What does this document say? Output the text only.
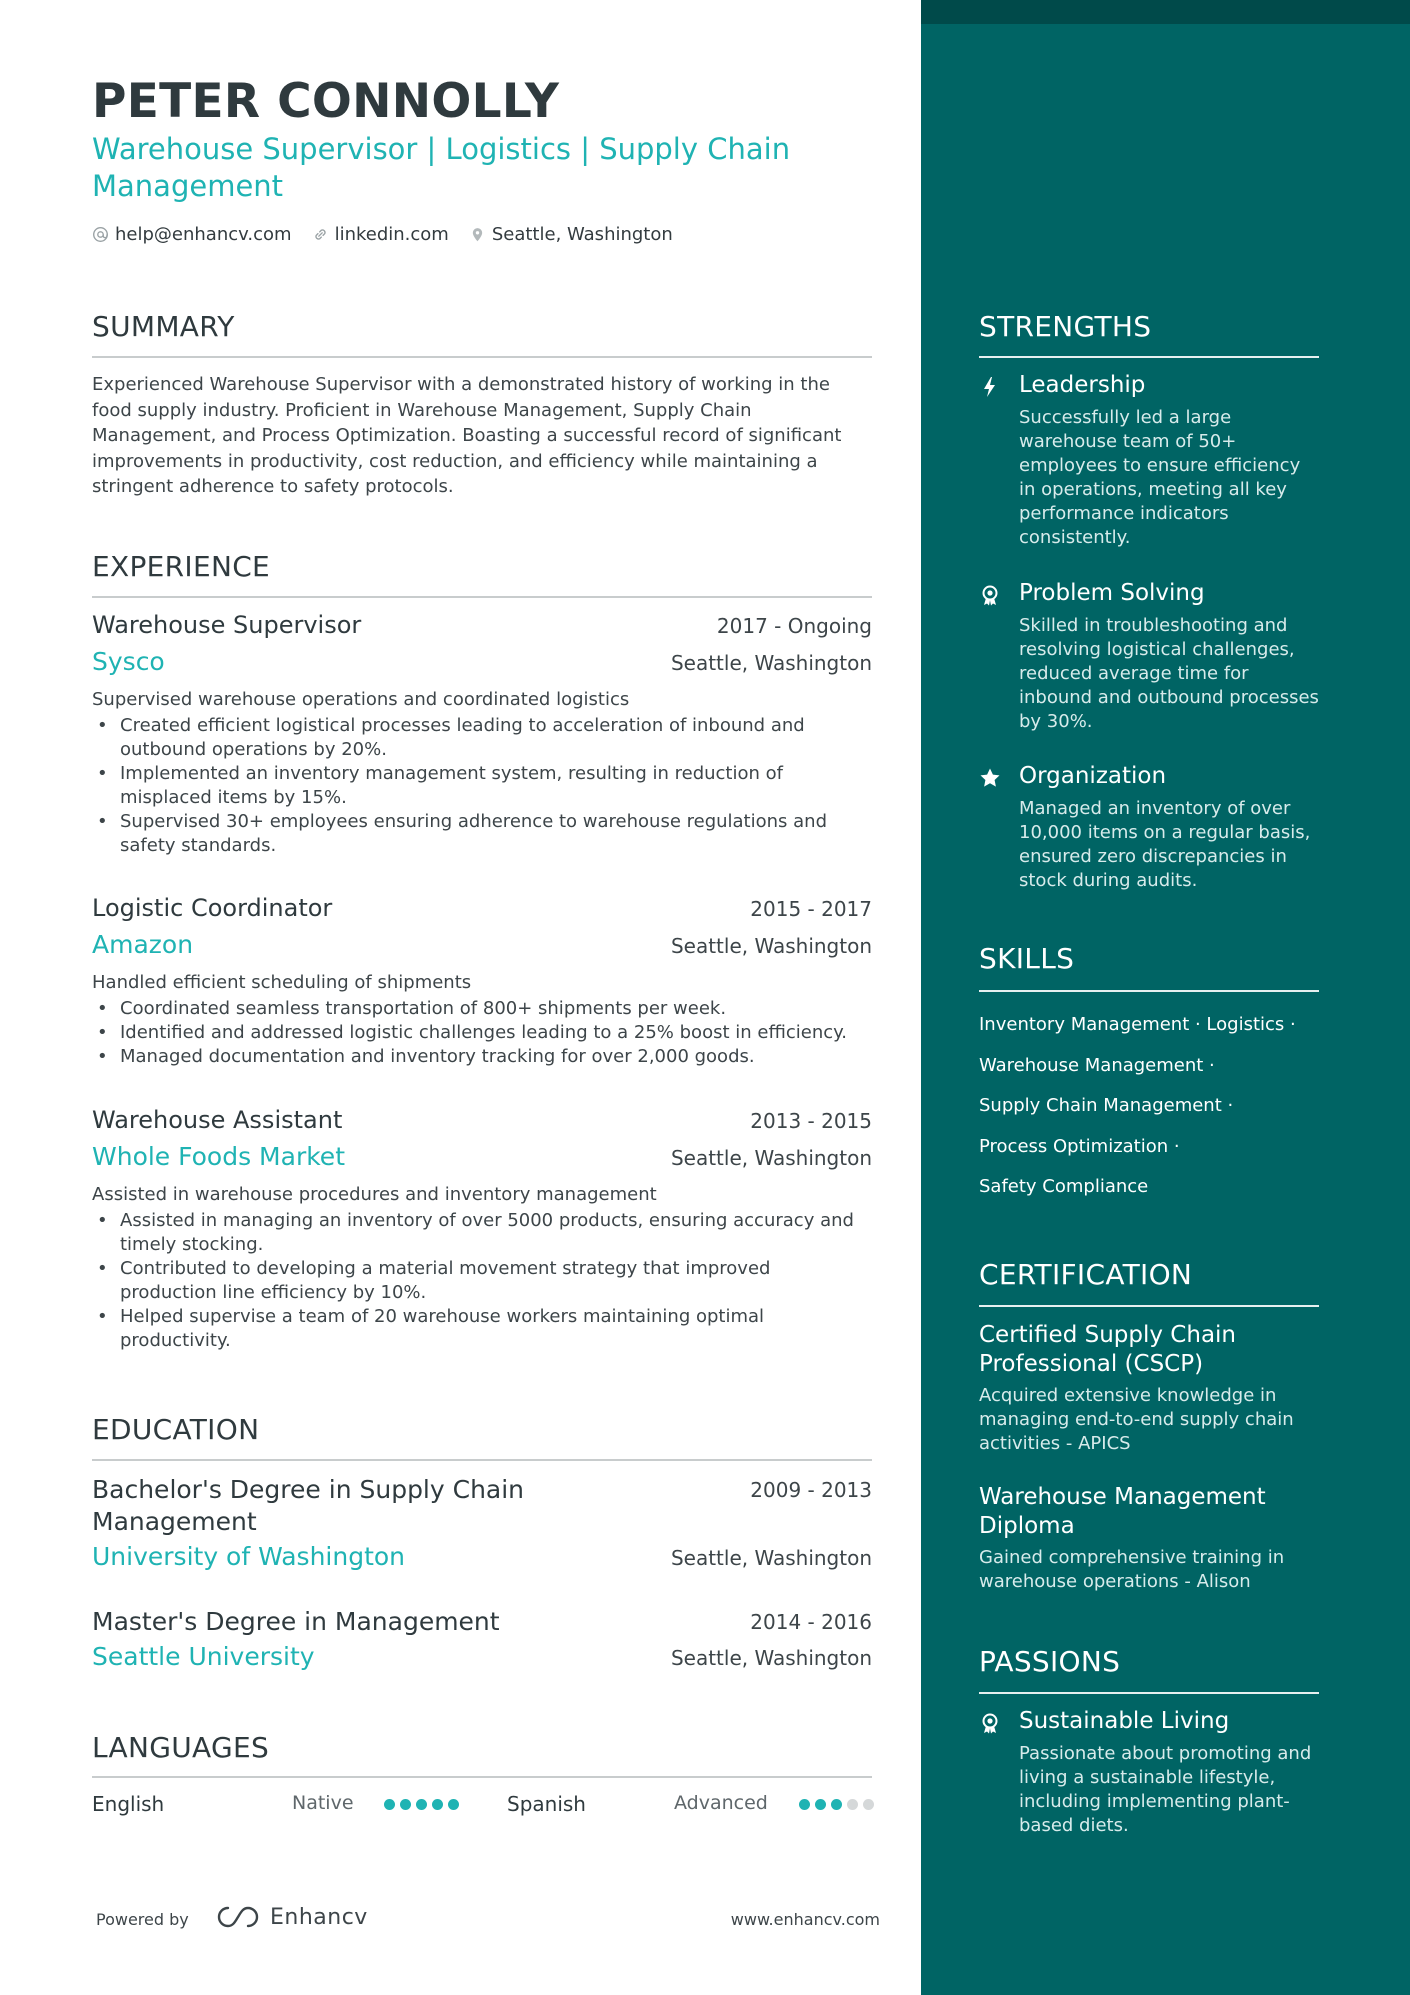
PETER CONNOLLY
Warehouse Supervisor | Logistics | Supply Chain Management
help@enhancv.com linkedin.com Seattle, Washington
SUMMARY
Experienced Warehouse Supervisor with a demonstrated history of working in the food supply industry. Proficient in Warehouse Management, Supply Chain Management, and Process Optimization. Boasting a successful record of significant improvements in productivity, cost reduction, and efficiency while maintaining a stringent adherence to safety protocols.
EXPERIENCE
Warehouse Supervisor	2017 - Ongoing
Sysco	Seattle, Washington
Supervised warehouse operations and coordinated logistics
• Created efficient logistical processes leading to acceleration of inbound and outbound operations by 20%.
• Implemented an inventory management system, resulting in reduction of misplaced items by 15%.
• Supervised 30+ employees ensuring adherence to warehouse regulations and safety standards.
Logistic Coordinator	2015 - 2017
Amazon	Seattle, Washington
Handled efficient scheduling of shipments
• Coordinated seamless transportation of 800+ shipments per week.
• Identified and addressed logistic challenges leading to a 25% boost in efficiency.
• Managed documentation and inventory tracking for over 2,000 goods.
Warehouse Assistant	2013 - 2015
Whole Foods Market	Seattle, Washington
Assisted in warehouse procedures and inventory management
• Assisted in managing an inventory of over 5000 products, ensuring accuracy and timely stocking.
• Contributed to developing a material movement strategy that improved production line efficiency by 10%.
• Helped supervise a team of 20 warehouse workers maintaining optimal productivity.
EDUCATION
Bachelor's Degree in Supply Chain Management
2009 - 2013
University of Washington	Seattle, Washington
Master's Degree in Management	2014 - 2016
Seattle University	Seattle, Washington
LANGUAGES
English	Native	Spanish	Advanced
Powered by	Enhancv	www.enhancv.com
STRENGTHS
Leadership
Successfully led a large warehouse team of 50+ employees to ensure efficiency in operations, meeting all key performance indicators consistently.
Problem Solving
Skilled in troubleshooting and resolving logistical challenges, reduced average time for inbound and outbound processes by 30%.
Organization
Managed an inventory of over 10,000 items on a regular basis, ensured zero discrepancies in stock during audits.
SKILLS
Inventory Management · Logistics ·
Warehouse Management ·
Supply Chain Management ·
Process Optimization ·
Safety Compliance
CERTIFICATION
Certified Supply Chain Professional (CSCP)
Acquired extensive knowledge in managing end-to-end supply chain activities - APICS
Warehouse Management Diploma
Gained comprehensive training in warehouse operations - Alison
PASSIONS
Sustainable Living
Passionate about promoting and living a sustainable lifestyle, including implementing plant-based diets.
